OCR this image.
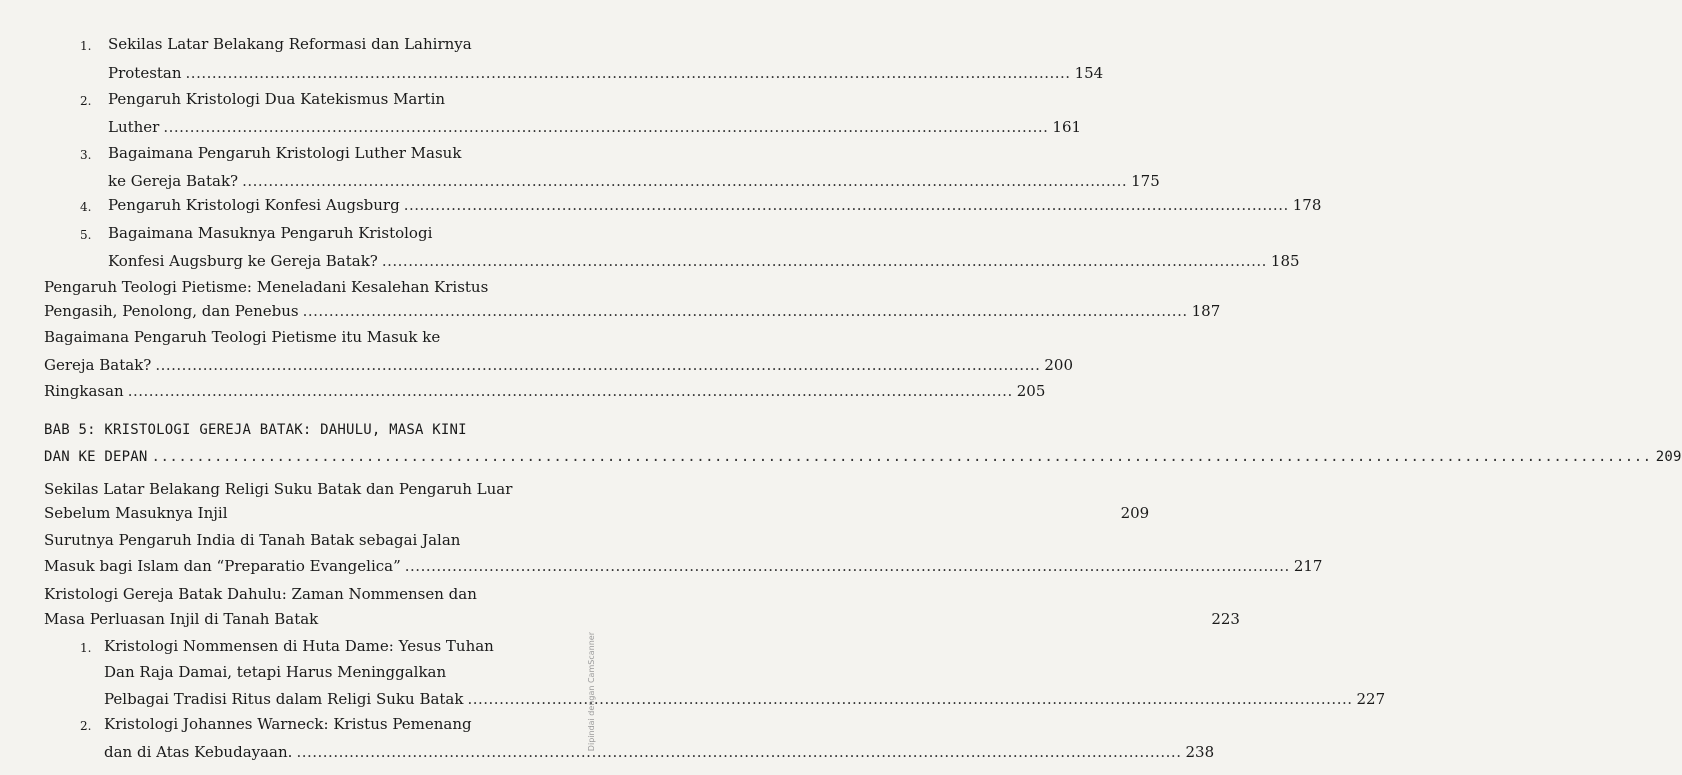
1. Sekilas Latar Belakang Reformasi dan Lahirnya
Protestan .....	154
2. Pengaruh Kristologi Dua Katekismus Martin
Luther .....	161
3. Bagaimana Pengaruh Kristologi Luther Masuk
ke Gereja Batak? .....	175
4. Pengaruh Kristologi Konfesi Augsburg .....	178
5. Bagaimana Masuknya Pengaruh Kristologi
Konfesi Augsburg ke Gereja Batak? .....	185
Pengaruh Teologi Pietisme: Meneladani Kesalehan Kristus
Pengasih, Penolong, dan Penebus .....	187
Bagaimana Pengaruh Teologi Pietisme itu Masuk ke
Gereja Batak? .....	200
Ringkasan .....	205
BAB 5: KRISTOLOGI GEREJA BATAK: DAHULU, MASA KINI
DAN KE DEPAN .....	209
Sekilas Latar Belakang Religi Suku Batak dan Pengaruh Luar
Sebelum Masuknya Injil	209
Surutnya Pengaruh India di Tanah Batak sebagai Jalan
Masuk bagi Islam dan “Preparatio Evangelica” .....	217
Kristologi Gereja Batak Dahulu: Zaman Nommensen dan
Masa Perluasan Injil di Tanah Batak	223
1. Kristologi Nommensen di Huta Dame: Yesus Tuhan
Dan Raja Damai, tetapi Harus Meninggalkan
Pelbagai Tradisi Ritus dalam Religi Suku Batak .....	227
2. Kristologi Johannes Warneck: Kristus Pemenang
dan di Atas Kebudayaan. .....	238
Dipindai dengan CamScanner
